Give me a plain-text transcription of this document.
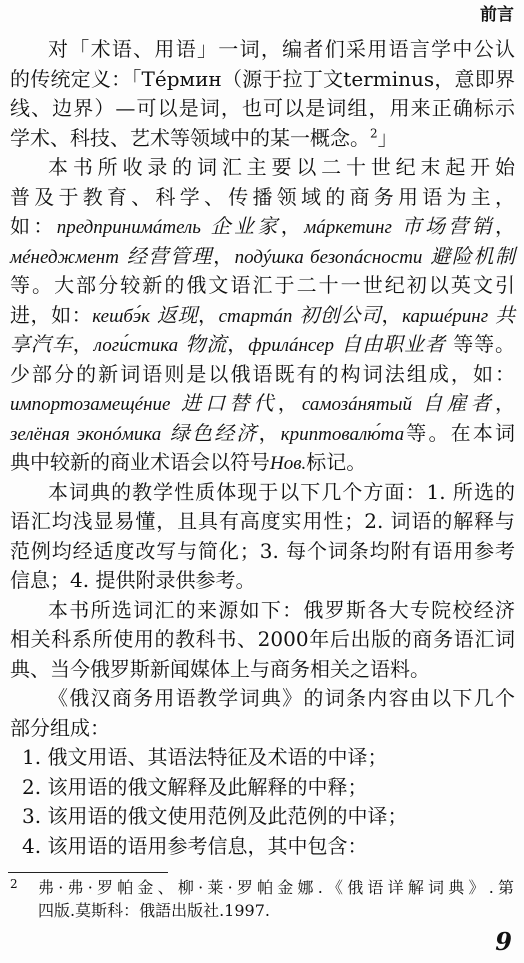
前言
对「术语、用语」一词，编者们采用语言学中公认
的传统定义：「Тéрмин（源于拉丁文terminus，意即界
线、边界）—可以是词，也可以是词组，用来正确标示
学术、科技、艺术等领域中的某一概念。$^2$」
本书所收录的词汇主要以二十世纪末起开始
普及于教育、科学、传播领域的商务用语为主，
如：предпринимáтель 企业家，мáркетинг 市场营销，
мéнеджмент 经营管理，подýшка безопáсности 避险机制
等。大部分较新的俄文语汇于二十一世纪初以英文引
进，如：кешбэ́к 返现，стартáп 初创公司，каршéринг 共
享汽车，логи́стика 物流，фрилáнсер 自由职业者 等等。
少部分的新词语则是以俄语既有的构词法组成，如：
импортозамещéние 进口替代，самозáнятый 自雇者，
зелёная эконóмика 绿色经济，криптовалю́та等。在本词
典中较新的商业术语会以符号Нов.标记。
本词典的教学性质体现于以下几个方面：1. 所选的
语汇均浅显易懂，且具有高度实用性；2. 词语的解释与
范例均经适度改写与简化；3. 每个词条均附有语用参考
信息；4. 提供附录供参考。
本书所选词汇的来源如下：俄罗斯各大专院校经济
相关科系所使用的教科书、2000年后出版的商务语汇词
典、当今俄罗斯新闻媒体上与商务相关之语料。
《俄汉商务用语教学词典》的词条内容由以下几个
部分组成：
1. 俄文用语、其语法特征及术语的中译；
2. 该用语的俄文解释及此解释的中释；
3. 该用语的俄文使用范例及此范例的中译；
4. 该用语的语用参考信息，其中包含：
2	弗·弗·罗帕金、柳·莱·罗帕金娜.《俄语详解词典》.第
四版.莫斯科：俄語出版社.1997.
9
